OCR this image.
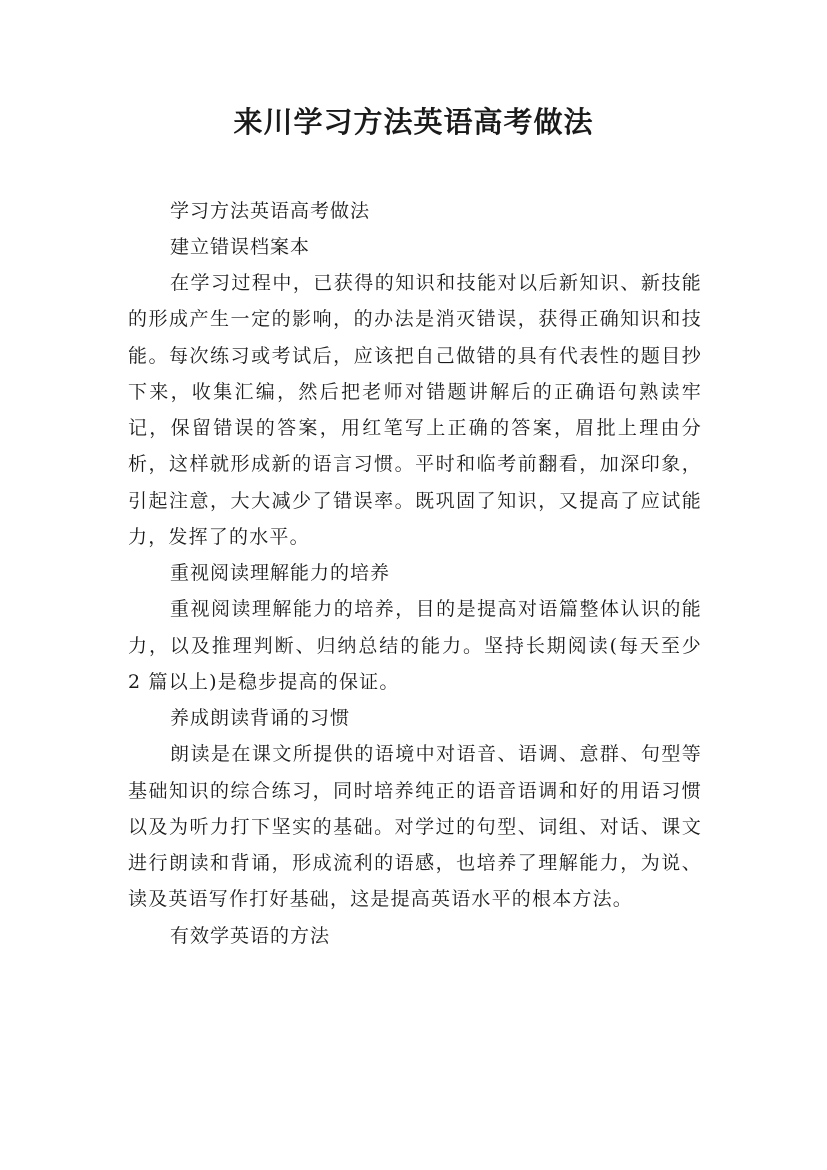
来川学习方法英语高考做法

学习方法英语高考做法

建立错误档案本

在学习过程中，已获得的知识和技能对以后新知识、新技能的形成产生一定的影响，的办法是消灭错误，获得正确知识和技能。每次练习或考试后，应该把自己做错的具有代表性的题目抄下来，收集汇编，然后把老师对错题讲解后的正确语句熟读牢记，保留错误的答案，用红笔写上正确的答案，眉批上理由分析，这样就形成新的语言习惯。平时和临考前翻看，加深印象，引起注意，大大减少了错误率。既巩固了知识，又提高了应试能力，发挥了的水平。

重视阅读理解能力的培养

重视阅读理解能力的培养，目的是提高对语篇整体认识的能力，以及推理判断、归纳总结的能力。坚持长期阅读(每天至少 2 篇以上)是稳步提高的保证。

养成朗读背诵的习惯

朗读是在课文所提供的语境中对语音、语调、意群、句型等基础知识的综合练习，同时培养纯正的语音语调和好的用语习惯以及为听力打下坚实的基础。对学过的句型、词组、对话、课文进行朗读和背诵，形成流利的语感，也培养了理解能力，为说、读及英语写作打好基础，这是提高英语水平的根本方法。

有效学英语的方法
